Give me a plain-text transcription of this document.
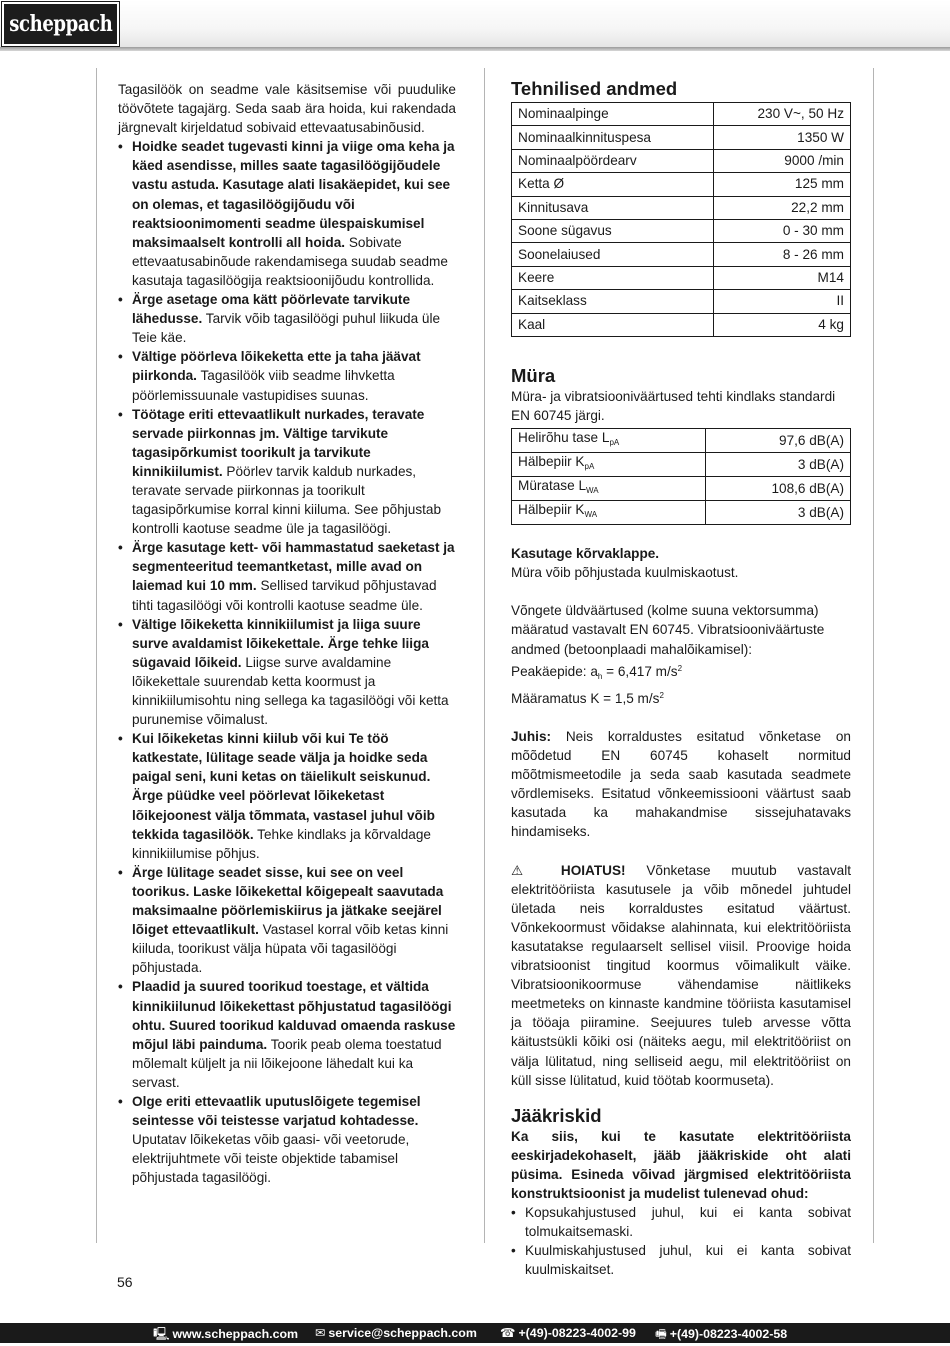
scheppach

Tagasilöök on seadme vale käsitsemise või puudulike töövõtete tagajärg. Seda saab ära hoida, kui rakendada järgnevalt kirjeldatud sobivaid ettevaatusabinõusid.

• Hoidke seadet tugevasti kinni ja viige oma keha ja käed asendisse, milles saate tagasilöögijõudele vastu astuda. Kasutage alati lisakäepidet, kui see on olemas, et tagasilöögijõudu või reaktsioonimomenti seadme ülespaiskumisel maksimaalselt kontrolli all hoida. Sobivate ettevaatusabinõude rakendamisega suudab seadme kasutaja tagasilöögija reaktsioonijõudu kontrollida.
• Ärge asetage oma kätt pöörlevate tarvikute lähedusse. Tarvik võib tagasilöögi puhul liikuda üle Teie käe.
• Vältige pöörleva lõikeketta ette ja taha jäävat piirkonda. Tagasilöök viib seadme lihvketta pöörlemissuunale vastupidises suunas.
• Töötage eriti ettevaatlikult nurkades, teravate servade piirkonnas jm. Vältige tarvikute tagasipõrkumist toorikult ja tarvikute kinnikiilumist. Pöörlev tarvik kaldub nurkades, teravate servade piirkonnas ja toorikult tagasipõrkumise korral kinni kiiluma. See põhjustab kontrolli kaotuse seadme üle ja tagasilöögi.
• Ärge kasutage kett- või hammastatud saeketast ja segmenteeritud teemantketast, mille avad on laiemad kui 10 mm. Sellised tarvikud põhjustavad tihti tagasilöögi või kontrolli kaotuse seadme üle.
• Vältige lõikeketta kinnikiilumist ja liiga suure surve avaldamist lõikekettale. Ärge tehke liiga sügavaid lõikeid. Liigse surve avaldamine lõikekettale suurendab ketta koormust ja kinnikiilumisohtu ning sellega ka tagasilöögi või ketta purunemise võimalust.
• Kui lõikeketas kinni kiilub või kui Te töö katkestate, lülitage seade välja ja hoidke seda paigal seni, kuni ketas on täielikult seiskunud. Ärge püüdke veel pöörlevat lõikeketast lõikejoonest välja tõmmata, vastasel juhul võib tekkida tagasilöök. Tehke kindlaks ja kõrvaldage kinnikiilumise põhjus.
• Ärge lülitage seadet sisse, kui see on veel toorikus. Laske lõikekettal kõigepealt saavutada maksimaalne pöörlemiskiirus ja jätkake seejärel lõiget ettevaatlikult. Vastasel korral võib ketas kinni kiiluda, toorikust välja hüpata või tagasilöögi põhjustada.
• Plaadid ja suured toorikud toestage, et vältida kinnikiilunud lõikekettast põhjustatud tagasilöögi ohtu. Suured toorikud kalduvad omaenda raskuse mõjul läbi painduma. Toorik peab olema toestatud mõlemalt küljelt ja nii lõikejoone lähedalt kui ka servast.
• Olge eriti ettevaatlik uputuslõigete tegemisel seintesse või teistesse varjatud kohtadesse. Uputatav lõikeketas võib gaasi- või veetorude, elektrijuhtmete või teiste objektide tabamisel põhjustada tagasilöögi.
Tehnilised andmed
Nominaalpinge	230 V~, 50 Hz
Nominaalkinnituspesa	1350 W
Nominaalpöördearv	9000 /min
Ketta Ø	125 mm
Kinnitusava	22,2 mm
Soone sügavus	0 - 30 mm
Soonelaiused	8 - 26 mm
Keere	M14
Kaitseklass	II
Kaal	4 kg
Müra

Müra- ja vibratsiooniväärtused tehti kindlaks standardi EN 60745 järgi.

Helirõhu tase $L_{pA}$	97,6 dB(A)
Hälbepiir $K_{pA}$	3 dB(A)
Müratase $L_{WA}$	108,6 dB(A)
Hälbepiir $K_{WA}$	3 dB(A)

Kasutage kõrvaklappe.

Müra võib põhjustada kuulmiskaotust.

Võngete üldväärtused (kolme suuna vektorsumma) määratud vastavalt EN 60745. Vibratsiooniväärtuste andmed (betoonplaadi mahalõikamisel):

Peakäepide: $a_h = 6,417$ $m/s^2$

Määramatus K = 1,5 $m/s^2$

Juhis: Neis korraldustes esitatud võnketase on mõõdetud EN 60745 kohaselt normitud mõõtmismeetodile ja seda saab kasutada seadmete võrdlemiseks. Esitatud võnkeemissiooni väärtust saab kasutada ka mahakandmise sissejuhatavaks hindamiseks.

⚠ HOIATUS! Võnketase muutub vastavalt elektritööriista kasutusele ja võib mõnedel juhtudel ületada neis korraldustes esitatud väärtust. Võnkekoormust võidakse alahinnata, kui elektritööriista kasutatakse regulaarselt sellisel viisil. Proovige hoida vibratsioonist tingitud koormus võimalikult väike. Vibratsioonikoormuse vähendamise näitlikeks meetmeteks on kinnaste kandmine tööriista kasutamisel ja tööaja piiramine. Seejuures tuleb arvesse võtta käitustsükli kõiki osi (näiteks aegu, mil elektritööriist on välja lülitatud, ning selliseid aegu, mil elektritööriist on küll sisse lülitatud, kuid töötab koormuseta).

Jääkriskid

Ka siis, kui te kasutate elektritööriista eeskirjadekohaselt, jääb jääkriskide oht alati püsima. Esineda võivad järgmised elektritööriista konstruktsioonist ja mudelist tulenevad ohud:

• Kopsukahjustused juhul, kui ei kanta sobivat tolmukaitsemaski.
• Kuulmiskahjustused juhul, kui ei kanta sobivat kuulmiskaitset.
56
🖳 www.scheppach.com ✉ service@scheppach.com ☎ +(49)-08223-4002-99 🖷 +(49)-08223-4002-58
